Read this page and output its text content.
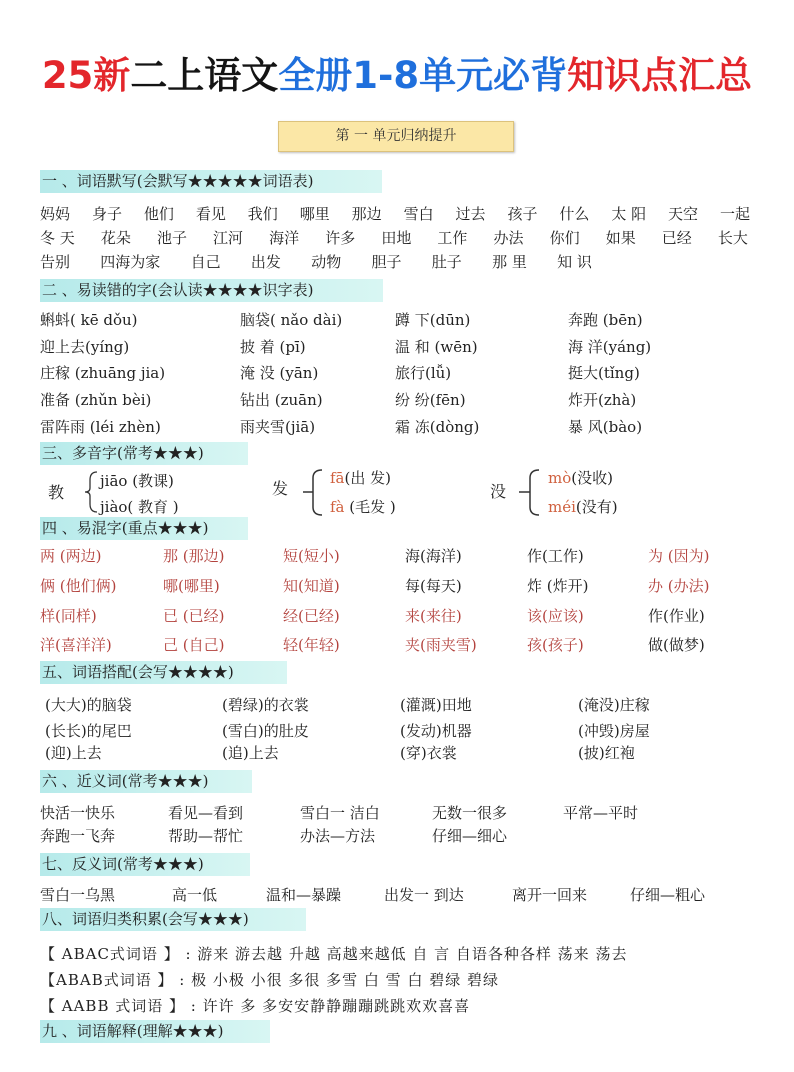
25新二上语文全册1-8单元必背知识点汇总
第 一 单元归纳提升
一 、词语默写(会默写★★★★★词语表)
妈妈 身子 他们 看见 我们 哪里 那边 雪白 过去 孩子 什么 太 阳 天空 一起
冬 天 花朵 池子 江河 海洋 许多 田地 工作 办法 你们 如果 已经 长大
告别 四海为家 自己 出发 动物 胆子 肚子 那 里 知 识
二 、易读错的字(会认读★★★★识字表)
蝌蚪( kē dǒu)	脑袋( nǎo dài)	蹲 下(dūn)	奔跑 (bēn)
迎上去(yíng)	披 着 (pī)	温 和 (wēn)	海 洋(yáng)
庄稼 (zhuāng jia)	淹 没 (yān)	旅行(lǚ)	挺大(tǐng)
准备 (zhǔn bèi)	钻出 (zuān)	纷 纷(fēn)	炸开(zhà)
雷阵雨 (léi zhèn)	雨夹雪(jiā)	霜 冻(dòng)	暴 风(bào)
三、多音字(常考★★★)
教
jiāo (教课)
jiào( 教育 )
发
fā(出 发)
fà (毛发 )
没
mò(没收)
méi(没有)
四 、易混字(重点★★★)
两 (两边)	那 (那边)	短(短小)	海(海洋)	作(工作)	为 (因为)
俩 (他们俩)	哪(哪里)	知(知道)	每(每天)	炸 (炸开)	办 (办法)
样(同样)	已 (已经)	经(已经)	来(来往)	该(应该)	作(作业)
洋(喜洋洋)	己 (自己)	轻(年轻)	夹(雨夹雪)	孩(孩子)	做(做梦)
五、词语搭配(会写★★★★)
(大大)的脑袋	(碧绿)的衣裳	(灌溉)田地	(淹没)庄稼
(长长)的尾巴	(雪白)的肚皮	(发动)机器	(冲毁)房屋
(迎)上去	(追)上去	(穿)衣裳	(披)红袍
六 、近义词(常考★★★)
快活一快乐	看见—看到	雪白一 洁白	无数一很多	平常—平时
奔跑一飞奔	帮助—帮忙	办法—方法	仔细—细心
七、反义词(常考★★★)
雪白一乌黑	高一低	温和—暴躁	出发一 到达	离开一回来	仔细—粗心
八、词语归类积累(会写★★★)
【 ABAC式词语 】 : 游来 游去越 升越 高越来越低 自 言 自语各种各样 荡来 荡去
【ABAB式词语 】 : 极 小极 小很 多很 多雪 白 雪 白 碧绿 碧绿
【 AABB 式词语 】 : 许许 多 多安安静静蹦蹦跳跳欢欢喜喜
九 、词语解释(理解★★★)
